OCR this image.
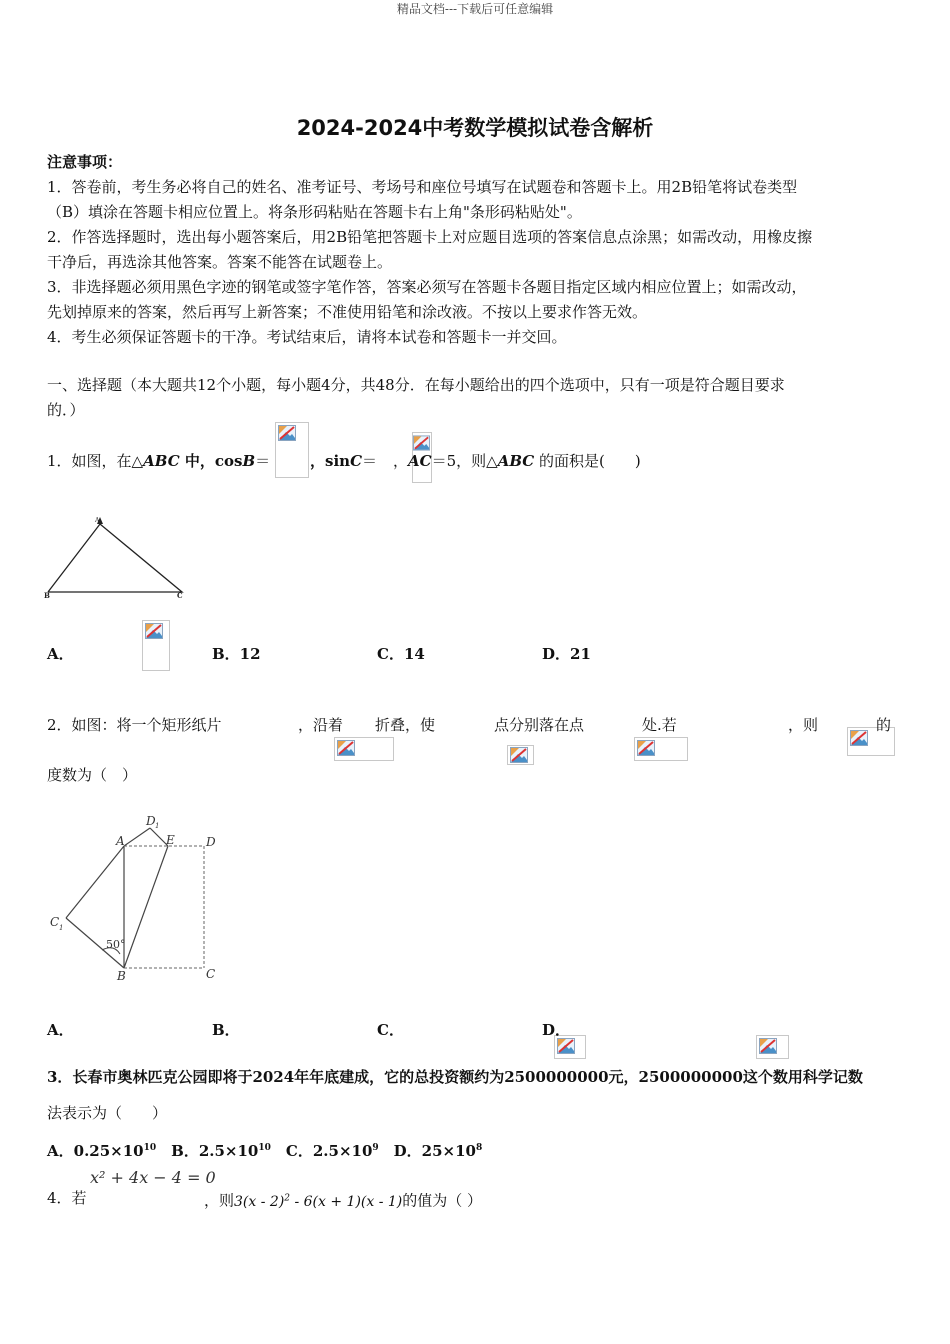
精品文档---下载后可任意编辑
2024-2024中考数学模拟试卷含解析
注意事项：
1．答卷前，考生务必将自己的姓名、准考证号、考场号和座位号填写在试题卷和答题卡上。用2B铅笔将试卷类型
（B）填涂在答题卡相应位置上。将条形码粘贴在答题卡右上角"条形码粘贴处"。
2．作答选择题时，选出每小题答案后，用2B铅笔把答题卡上对应题目选项的答案信息点涂黑；如需改动，用橡皮擦
干净后，再选涂其他答案。答案不能答在试题卷上。
3．非选择题必须用黑色字迹的钢笔或签字笔作答，答案必须写在答题卡各题目指定区域内相应位置上；如需改动，
先划掉原来的答案，然后再写上新答案；不准使用铅笔和涂改液。不按以上要求作答无效。
4．考生必须保证答题卡的干净。考试结束后，请将本试卷和答题卡一并交回。
一、选择题（本大题共12个小题，每小题4分，共48分．在每小题给出的四个选项中，只有一项是符合题目要求
的．）
1．如图，在△ABC 中，cosB＝
	，sinC＝
，AC＝5，则△ABC 的面积是(　　)
A
B	C
A．
	B．12	C．14	D．21
2．如图：将一个矩形纸片
	，沿着
折叠，使
	点分别落在点
	处.若
	，则
	的
度数为（　）
A
D 1
E	D
C 1
50°
B	C
A．
	B．
	C．
	D．
3．长春市奥林匹克公园即将于2024年年底建成，它的总投资额约为2500000000元，2500000000这个数用科学记数
法表示为（　　）
A．$0.25\times 10^{10}$  B．$2.5\times 10^{10}$  C．$2.5\times 10^9$  D．$25\times 10^8$
4．若
x² + 4x − 4 = 0
，则3(x - 2)$^2$ - 6(x + 1)(x - 1)的值为（ ）
